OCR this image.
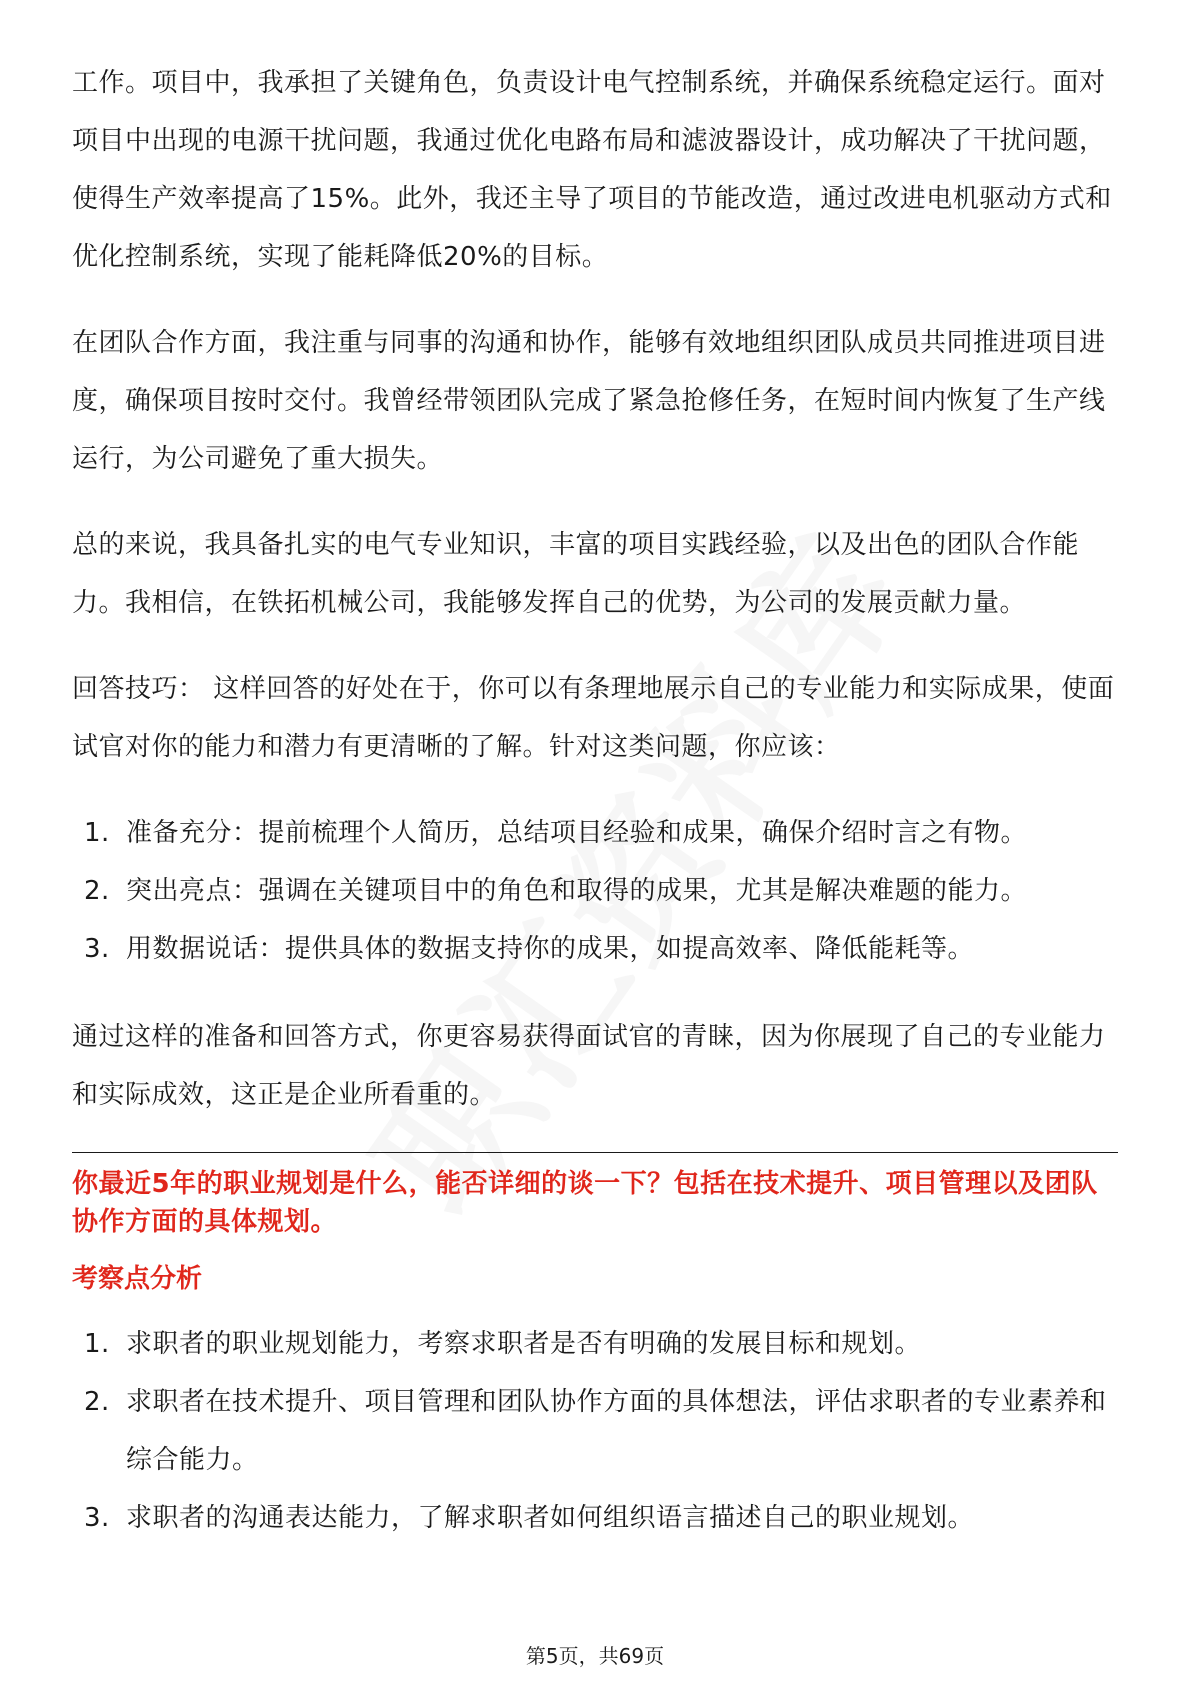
工作。项目中，我承担了关键角色，负责设计电气控制系统，并确保系统稳定运行。面对项目中出现的电源干扰问题，我通过优化电路布局和滤波器设计，成功解决了干扰问题，使得生产效率提高了15%。此外，我还主导了项目的节能改造，通过改进电机驱动方式和优化控制系统，实现了能耗降低20%的目标。

在团队合作方面，我注重与同事的沟通和协作，能够有效地组织团队成员共同推进项目进度，确保项目按时交付。我曾经带领团队完成了紧急抢修任务，在短时间内恢复了生产线运行，为公司避免了重大损失。

总的来说，我具备扎实的电气专业知识，丰富的项目实践经验，以及出色的团队合作能力。我相信，在铁拓机械公司，我能够发挥自己的优势，为公司的发展贡献力量。

回答技巧： 这样回答的好处在于，你可以有条理地展示自己的专业能力和实际成果，使面试官对你的能力和潜力有更清晰的了解。针对这类问题，你应该：

1. 准备充分：提前梳理个人简历，总结项目经验和成果，确保介绍时言之有物。
2. 突出亮点：强调在关键项目中的角色和取得的成果，尤其是解决难题的能力。
3. 用数据说话：提供具体的数据支持你的成果，如提高效率、降低能耗等。

通过这样的准备和回答方式，你更容易获得面试官的青睐，因为你展现了自己的专业能力和实际成效，这正是企业所看重的。

你最近5年的职业规划是什么，能否详细的谈一下？包括在技术提升、项目管理以及团队协作方面的具体规划。

考察点分析

1. 求职者的职业规划能力，考察求职者是否有明确的发展目标和规划。
2. 求职者在技术提升、项目管理和团队协作方面的具体想法，评估求职者的专业素养和综合能力。
3. 求职者的沟通表达能力，了解求职者如何组织语言描述自己的职业规划。
第5页，共69页
